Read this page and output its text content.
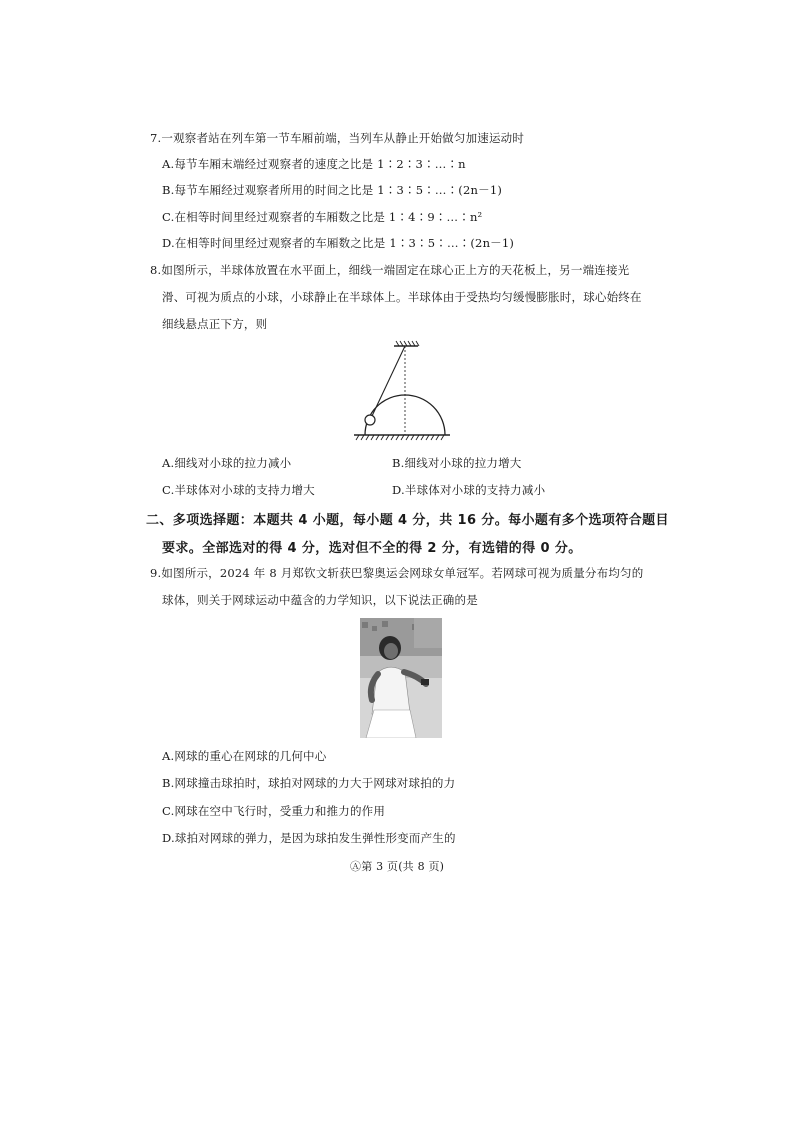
7.一观察者站在列车第一节车厢前端，当列车从静止开始做匀加速运动时
A.每节车厢末端经过观察者的速度之比是 1∶2∶3∶…∶n
B.每节车厢经过观察者所用的时间之比是 1∶3∶5∶…∶(2n－1)
C.在相等时间里经过观察者的车厢数之比是 1∶4∶9∶…∶n²
D.在相等时间里经过观察者的车厢数之比是 1∶3∶5∶…∶(2n－1)
8.如图所示，半球体放置在水平面上，细线一端固定在球心正上方的天花板上，另一端连接光
滑、可视为质点的小球，小球静止在半球体上。半球体由于受热均匀缓慢膨胀时，球心始终在
细线悬点正下方，则
A.细线对小球的拉力减小	B.细线对小球的拉力增大
C.半球体对小球的支持力增大	D.半球体对小球的支持力减小
二、多项选择题：本题共 4 小题，每小题 4 分，共 16 分。每小题有多个选项符合题目
要求。全部选对的得 4 分，选对但不全的得 2 分，有选错的得 0 分。
9.如图所示，2024 年 8 月郑钦文斩获巴黎奥运会网球女单冠军。若网球可视为质量分布均匀的
球体，则关于网球运动中蕴含的力学知识，以下说法正确的是
A.网球的重心在网球的几何中心
B.网球撞击球拍时，球拍对网球的力大于网球对球拍的力
C.网球在空中飞行时，受重力和推力的作用
D.球拍对网球的弹力，是因为球拍发生弹性形变而产生的
Ⓐ第 3 页(共 8 页)
